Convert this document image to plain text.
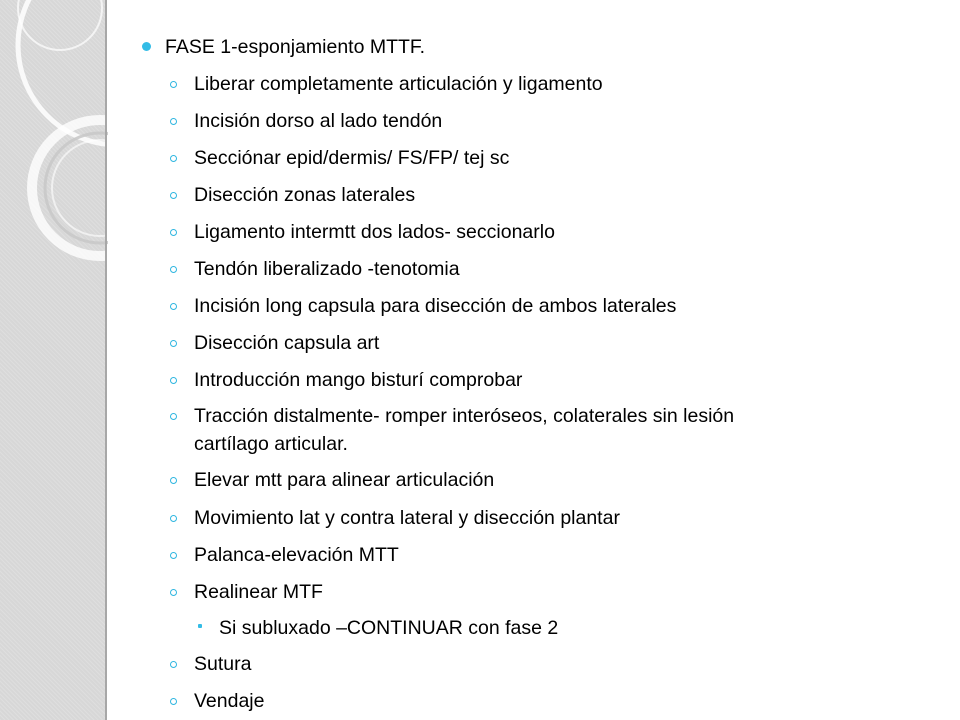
FASE 1-esponjamiento MTTF.
Liberar completamente articulación y ligamento
Incisión dorso al lado tendón
Secciónar epid/dermis/ FS/FP/ tej sc
Disección zonas laterales
Ligamento intermtt dos lados- seccionarlo
Tendón liberalizado -tenotomia
Incisión long capsula para disección de ambos laterales
Disección capsula art
Introducción mango bisturí comprobar
Tracción distalmente- romper interóseos, colaterales sin lesión
cartílago articular.
Elevar mtt para alinear articulación
Movimiento lat y contra lateral y disección plantar
Palanca-elevación MTT
Realinear MTF
Si subluxado –CONTINUAR con fase 2
Sutura
Vendaje
